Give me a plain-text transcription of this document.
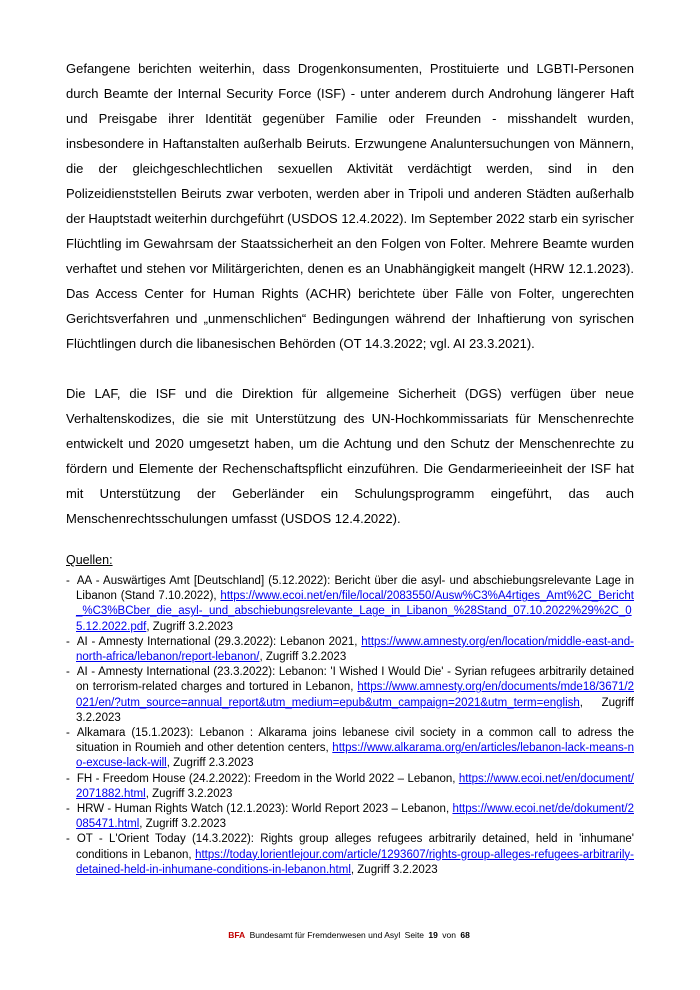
Gefangene berichten weiterhin, dass Drogenkonsumenten, Prostituierte und LGBTI-Personen durch Beamte der Internal Security Force (ISF) - unter anderem durch Androhung längerer Haft und Preisgabe ihrer Identität gegenüber Familie oder Freunden - misshandelt wurden, insbesondere in Haftanstalten außerhalb Beiruts. Erzwungene Analuntersuchungen von Männern, die der gleichgeschlechtlichen sexuellen Aktivität verdächtigt werden, sind in den Polizeidienststellen Beiruts zwar verboten, werden aber in Tripoli und anderen Städten außerhalb der Hauptstadt weiterhin durchgeführt (USDOS 12.4.2022). Im September 2022 starb ein syrischer Flüchtling im Gewahrsam der Staatssicherheit an den Folgen von Folter. Mehrere Beamte wurden verhaftet und stehen vor Militärgerichten, denen es an Unabhängigkeit mangelt (HRW 12.1.2023). Das Access Center for Human Rights (ACHR) berichtete über Fälle von Folter, ungerechten Gerichtsverfahren und „unmenschlichen“ Bedingungen während der Inhaftierung von syrischen Flüchtlingen durch die libanesischen Behörden (OT 14.3.2022; vgl. AI 23.3.2021).

Die LAF, die ISF und die Direktion für allgemeine Sicherheit (DGS) verfügen über neue Verhaltenskodizes, die sie mit Unterstützung des UN-Hochkommissariats für Menschenrechte entwickelt und 2020 umgesetzt haben, um die Achtung und den Schutz der Menschenrechte zu fördern und Elemente der Rechenschaftspflicht einzuführen. Die Gendarmerieeinheit der ISF hat mit Unterstützung der Geberländer ein Schulungsprogramm eingeführt, das auch Menschenrechtsschulungen umfasst (USDOS 12.4.2022).

Quellen:

- AA - Auswärtiges Amt [Deutschland] (5.12.2022): Bericht über die asyl- und abschiebungsrelevante Lage in Libanon (Stand 7.10.2022), https://www.ecoi.net/en/file/local/2083550/Ausw%C3%A4rtiges_Amt%2C_Bericht_%C3%BCber_die_asyl-_und_abschiebungsrelevante_Lage_in_Libanon_%28Stand_07.10.2022%29%2C_05.12.2022.pdf, Zugriff 3.2.2023
- AI - Amnesty International (29.3.2022): Lebanon 2021, https://www.amnesty.org/en/location/middle-east-and-north-africa/lebanon/report-lebanon/, Zugriff 3.2.2023
- AI - Amnesty International (23.3.2022): Lebanon: 'I Wished I Would Die' - Syrian refugees arbitrarily detained on terrorism-related charges and tortured in Lebanon, https://www.amnesty.org/en/documents/mde18/3671/2021/en/?utm_source=annual_report&utm_medium=epub&utm_campaign=2021&utm_term=english, Zugriff 3.2.2023
- Alkamara (15.1.2023): Lebanon : Alkarama joins lebanese civil society in a common call to adress the situation in Roumieh and other detention centers, https://www.alkarama.org/en/articles/lebanon-lack-means-no-excuse-lack-will, Zugriff 2.3.2023
- FH - Freedom House (24.2.2022): Freedom in the World 2022 – Lebanon, https://www.ecoi.net/en/document/2071882.html, Zugriff 3.2.2023
- HRW - Human Rights Watch (12.1.2023): World Report 2023 – Lebanon, https://www.ecoi.net/de/dokument/2085471.html, Zugriff 3.2.2023
- OT - L'Orient Today (14.3.2022): Rights group alleges refugees arbitrarily detained, held in 'inhumane' conditions in Lebanon, https://today.lorientlejour.com/article/1293607/rights-group-alleges-refugees-arbitrarily-detained-held-in-inhumane-conditions-in-lebanon.html, Zugriff 3.2.2023
BFA Bundesamt für Fremdenwesen und Asyl Seite 19 von 68
